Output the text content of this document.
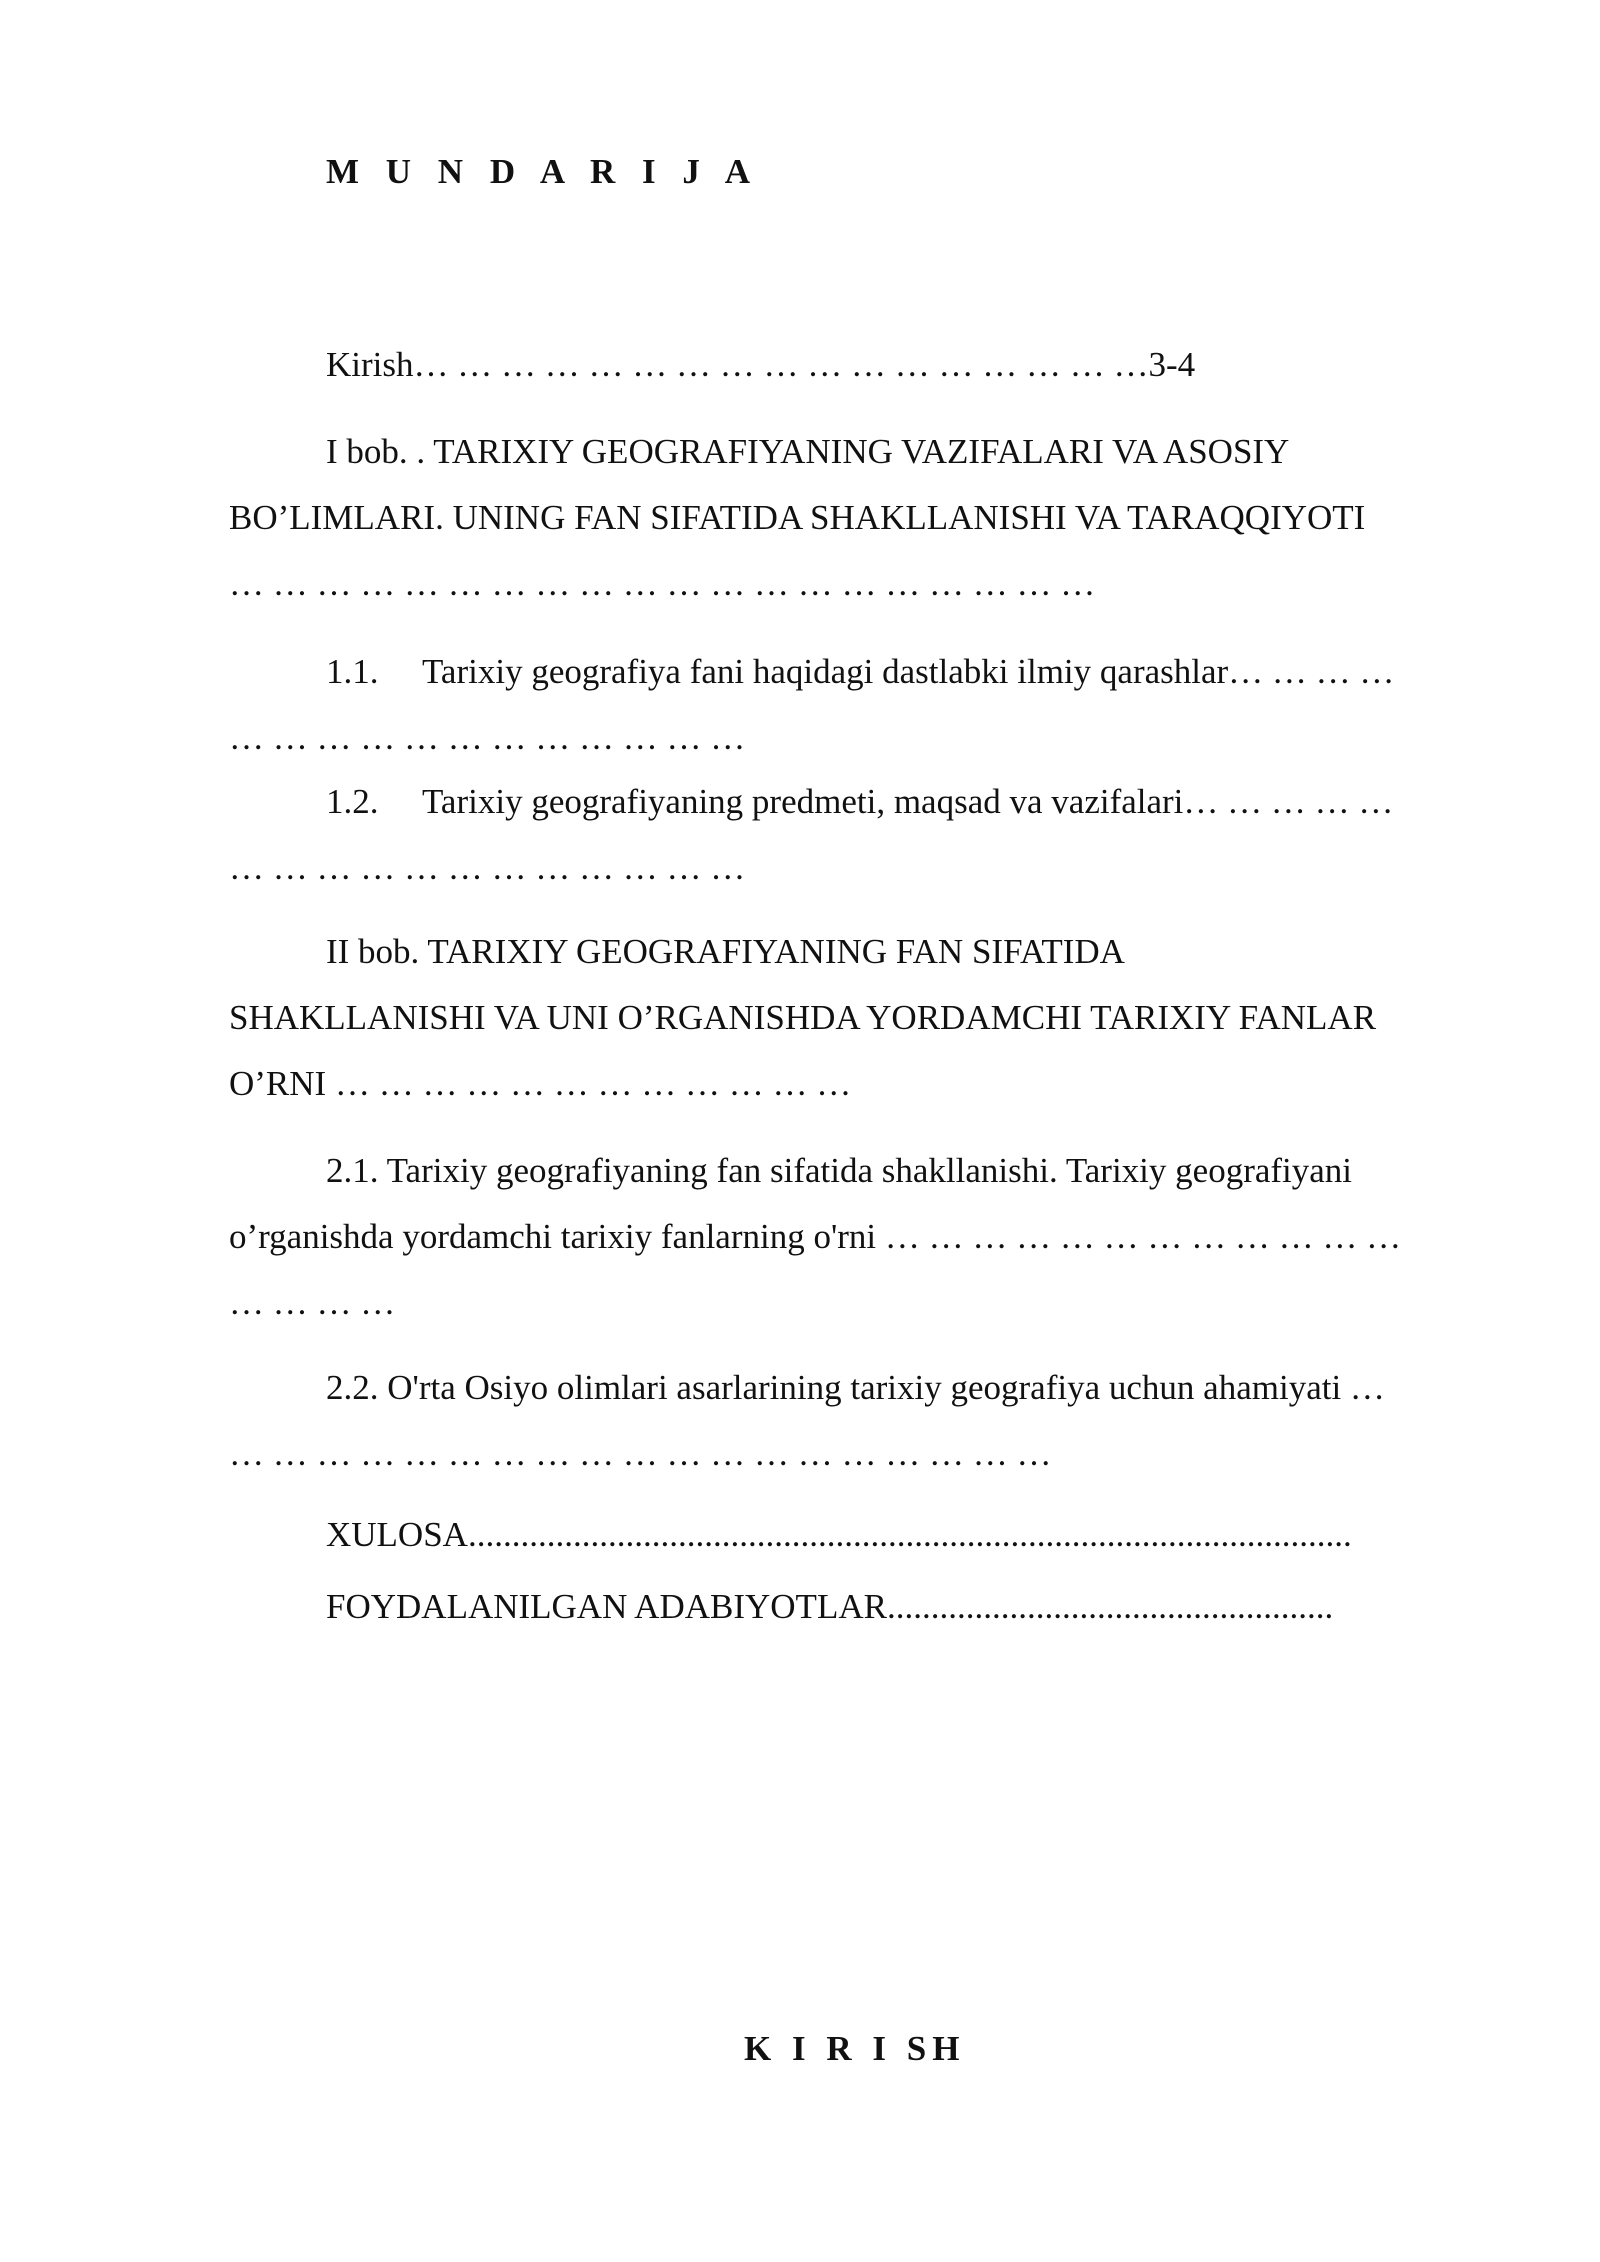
M U N D A R I J A
Kirish… … … … … … … … … … … … … … … … …3-4
I bob. . TARIXIY GEOGRAFIYANING VAZIFALARI VA ASOSIY
BO’LIMLARI. UNING FAN SIFATIDA SHAKLLANISHI VA TARAQQIYOTI
… … … … … … … … … … … … … … … … … … … …
1.1. Tarixiy geografiya fani haqidagi dastlabki ilmiy qarashlar… … … …
… … … … … … … … … … … …
1.2. Tarixiy geografiyaning predmeti, maqsad va vazifalari… … … … …
… … … … … … … … … … … …
II bob. TARIXIY GEOGRAFIYANING FAN SIFATIDA
SHAKLLANISHI VA UNI O’RGANISHDA YORDAMCHI TARIXIY FANLAR
O’RNI … … … … … … … … … … … …
2.1. Tarixiy geografiyaning fan sifatida shakllanishi. Tarixiy geografiyani
o’rganishda yordamchi tarixiy fanlarning o'rni … … … … … … … … … … … …
… … … …
2.2. O'rta Osiyo olimlari asarlarining tarixiy geografiya uchun ahamiyati …
… … … … … … … … … … … … … … … … … … …
XULOSA.....................................................................................................
FOYDALANILGAN ADABIYOTLAR...................................................
K I R I SH
